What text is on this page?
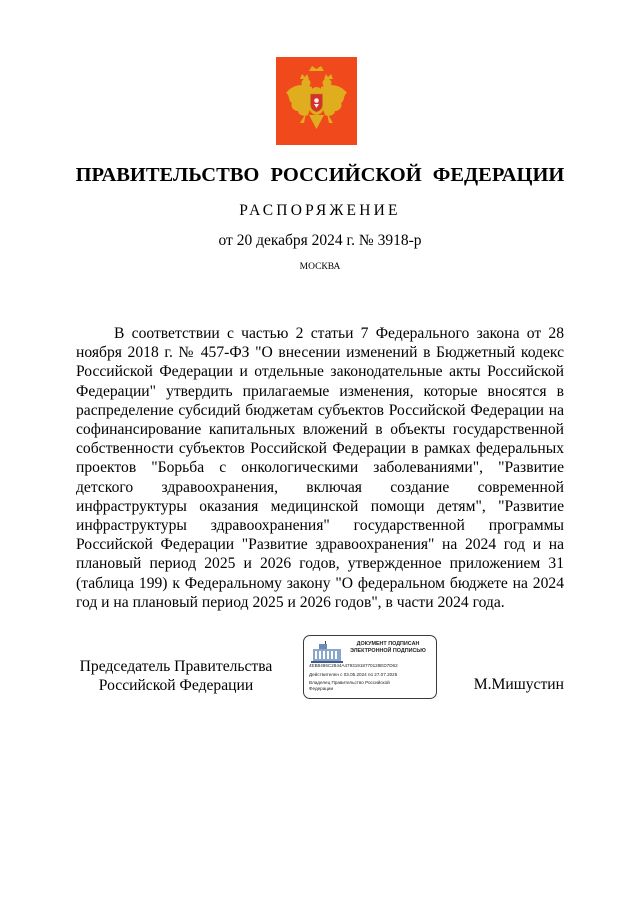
ПРАВИТЕЛЬСТВО РОССИЙСКОЙ ФЕДЕРАЦИИ
РАСПОРЯЖЕНИЕ
от 20 декабря 2024 г. № 3918-р
МОСКВА

В соответствии с частью 2 статьи 7 Федерального закона от 28 ноября 2018 г. № 457-ФЗ "О внесении изменений в Бюджетный кодекс Российской Федерации и отдельные законодательные акты Российской Федерации" утвердить прилагаемые изменения, которые вносятся в распределение субсидий бюджетам субъектов Российской Федерации на софинансирование капитальных вложений в объекты государственной собственности субъектов Российской Федерации в рамках федеральных проектов "Борьба с онкологическими заболеваниями", "Развитие детского здравоохранения, включая создание современной инфраструктуры оказания медицинской помощи детям", "Развитие инфраструктуры здравоохранения" государственной программы Российской Федерации "Развитие здравоохранения" на 2024 год и на плановый период 2025 и 2026 годов, утвержденное приложением 31 (таблица 199) к Федеральному закону "О федеральном бюджете на 2024 год и на плановый период 2025 и 2026 годов", в части 2024 года.

Председатель Правительства
Российской Федерации
ДОКУМЕНТ ПОДПИСАН
ЭЛЕКТРОННОЙ ПОДПИСЬЮ
4EB8486C2844A47931918770128ED7D62
Действителен с 03.05.2024 по 27.07.2025
Владелец Правительство Российской
Федерации	М.Мишустин
